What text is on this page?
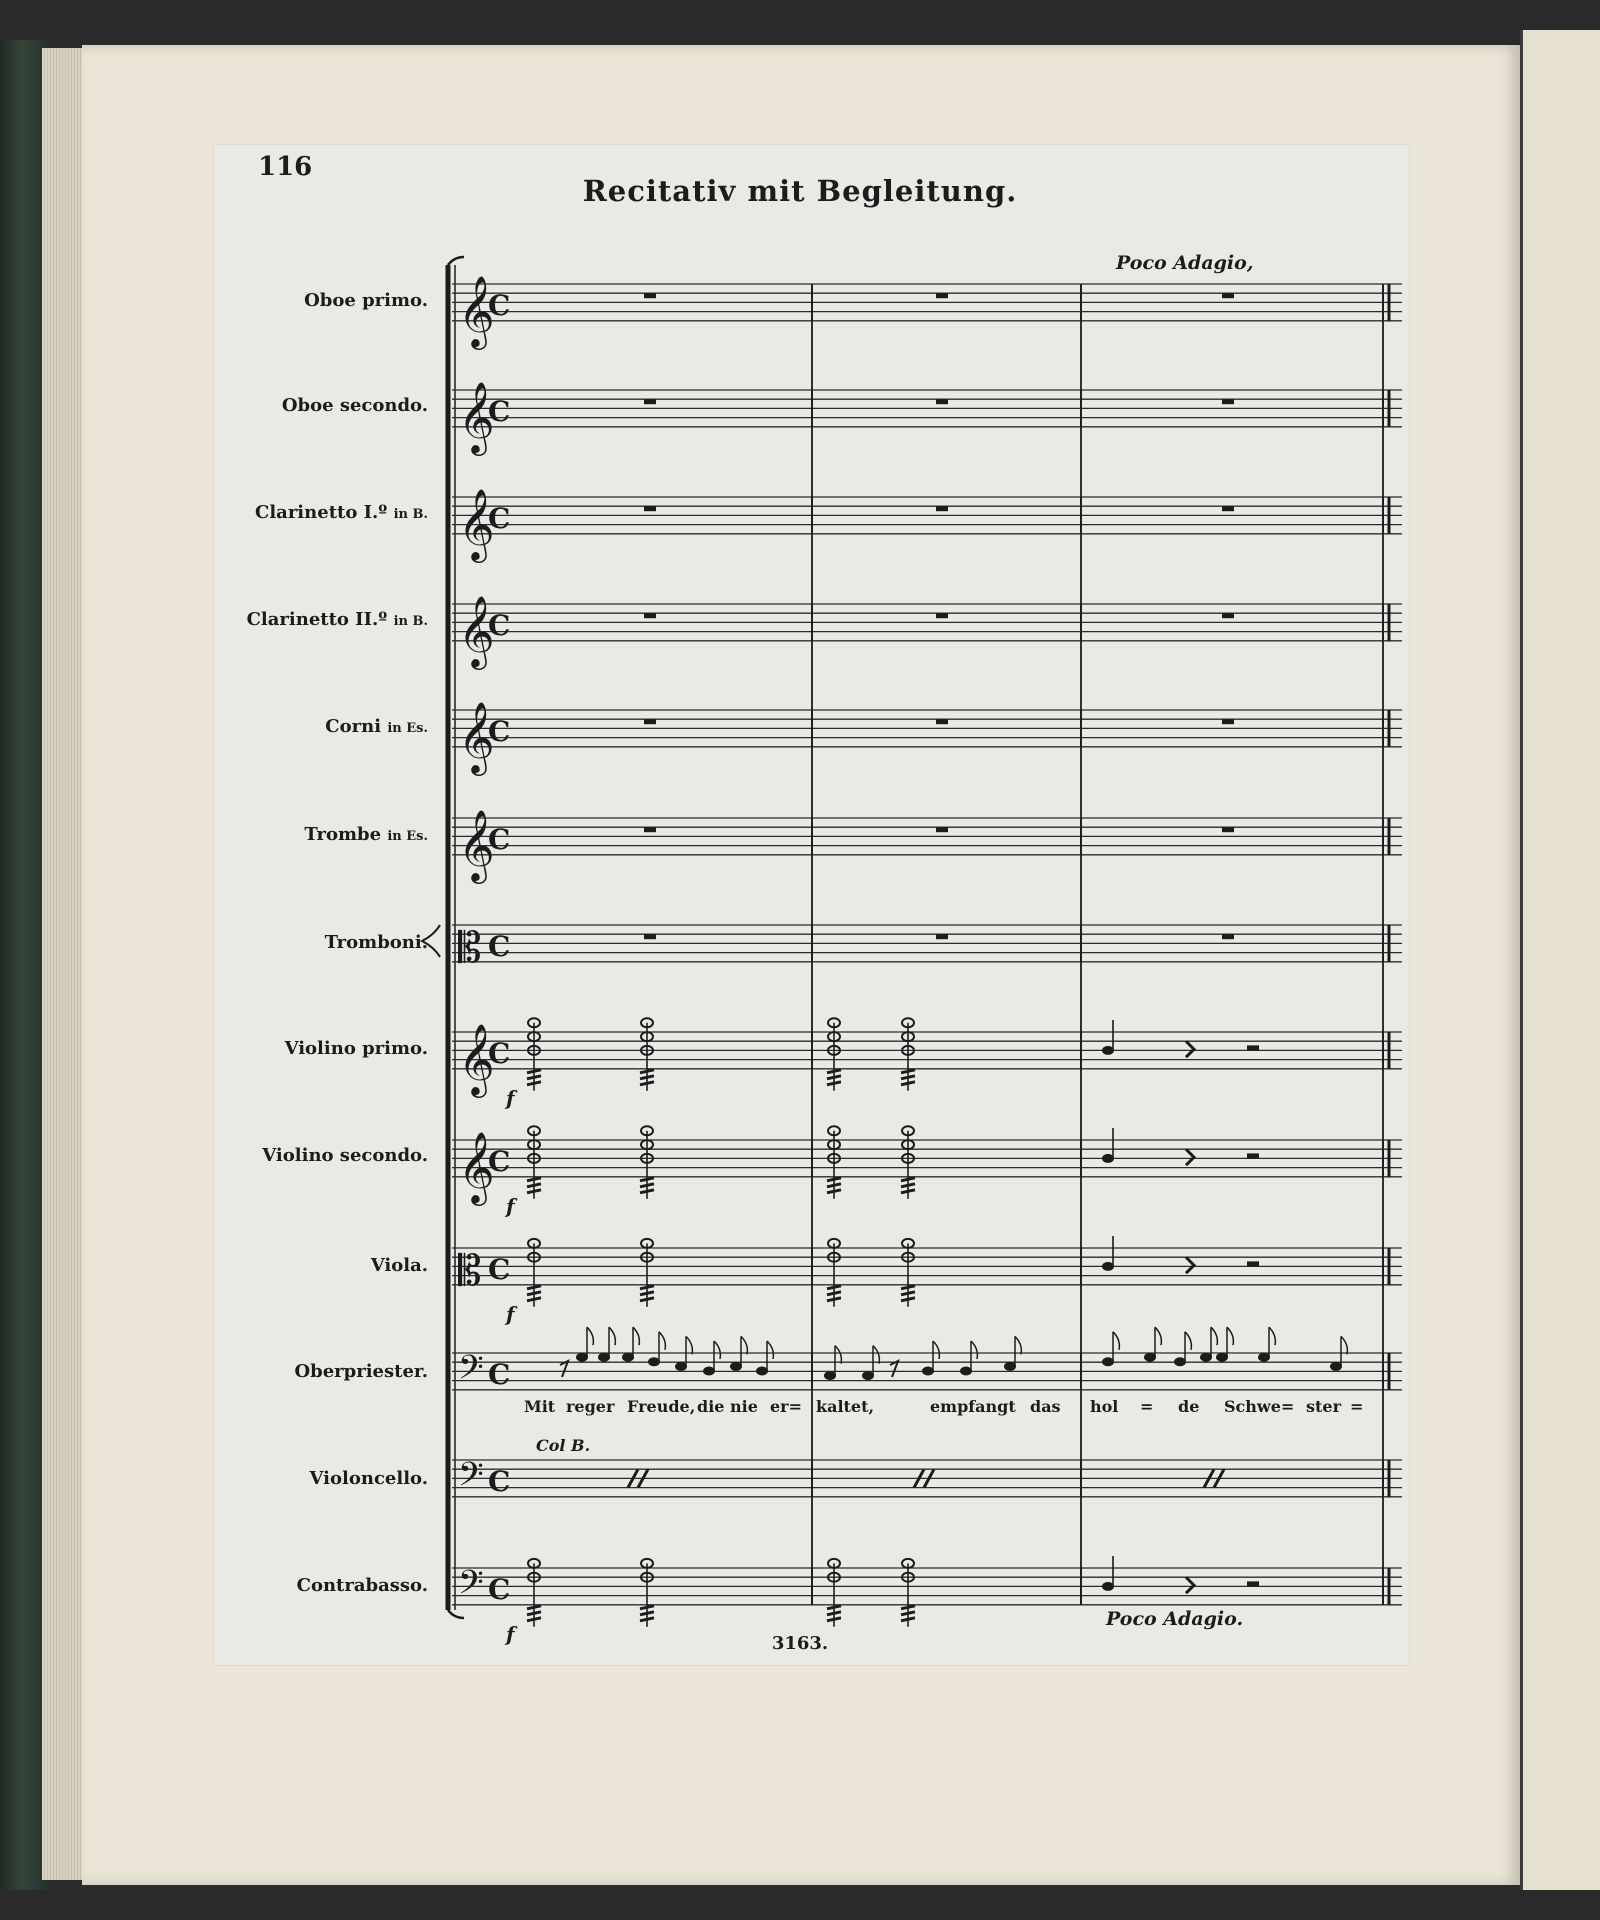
116
Recitativ mit Begleitung.
Poco Adagio,
Poco Adagio.
3163.
Oboe primo.
Oboe secondo.
Clarinetto I.º in B.
Clarinetto II.º in B.
Corni in Es.
Trombe in Es.
Tromboni.
Violino primo.
Violino secondo.
Viola.
Oberpriester.
Violoncello.
Contrabasso.
Mit reger Freude, die nie er= kaltet,	empfangt das hol = de Schwe= ster =
Col B.
𝄞
C
𝄞
C
𝄞
C
𝄞
C
𝄞
C
𝄞
C
𝄡 C
𝄞
C
𝄞
C
𝄡 C
𝄢 C
𝄢 C
𝄢 C
f
f
f
f
